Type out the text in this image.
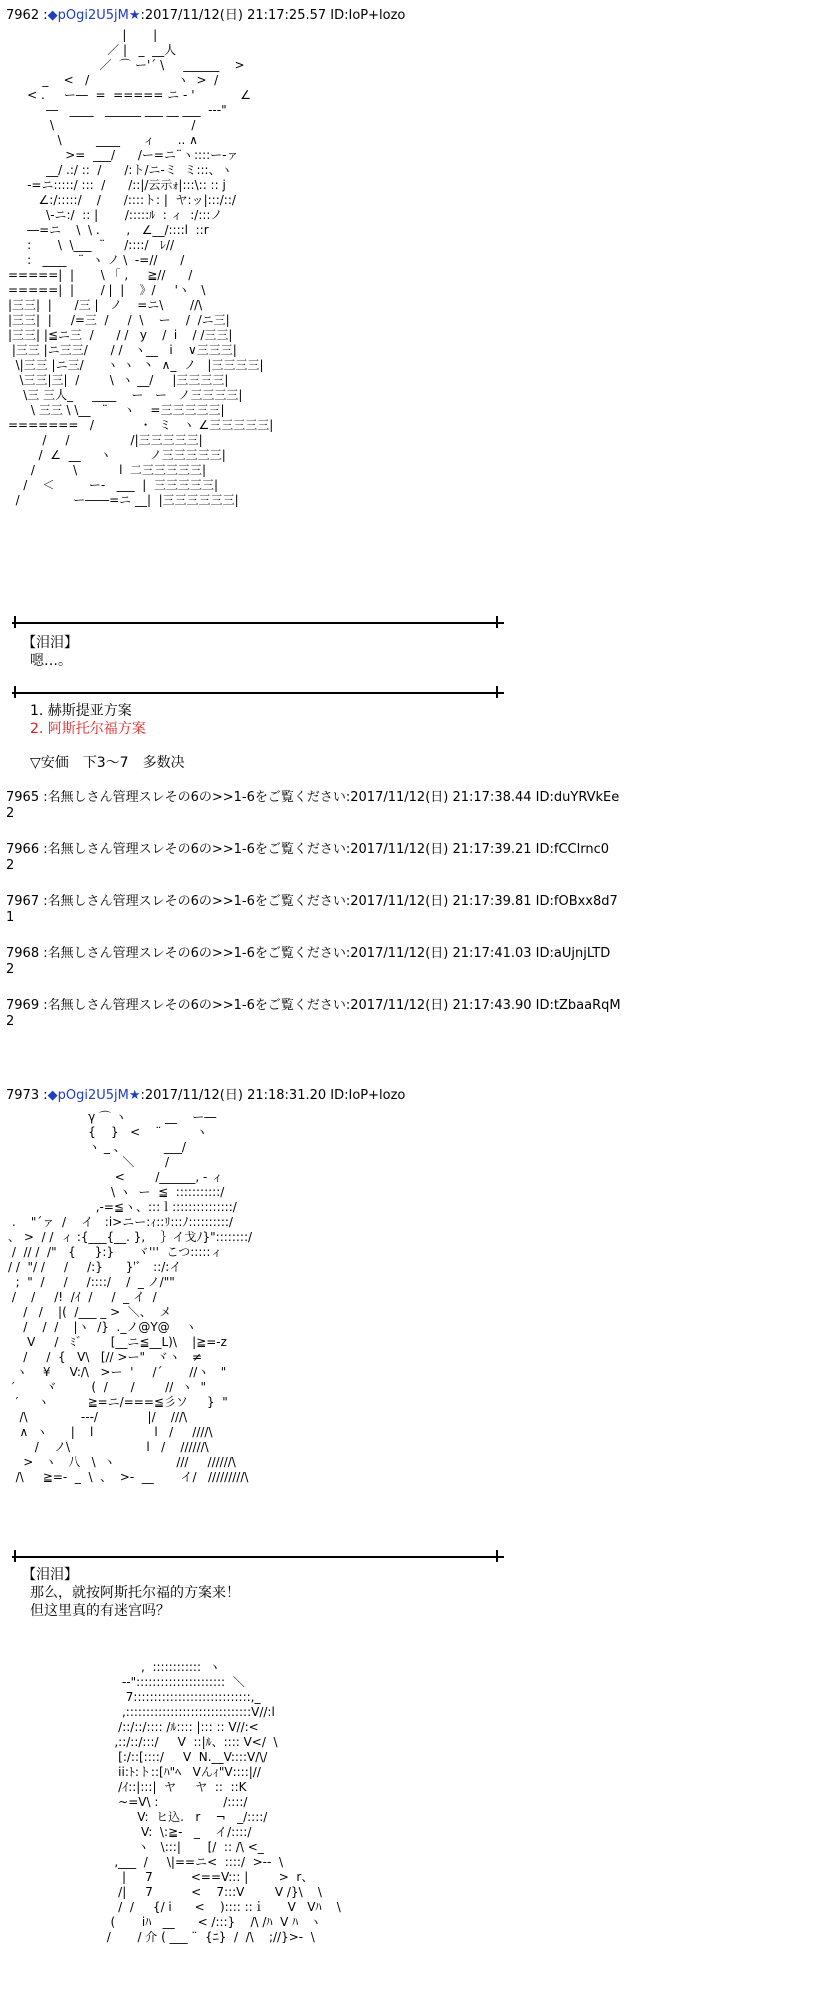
7962 :◆pOgi2U5jM★:2017/11/12(日) 21:17:25.57 ID:IoP+lozo
|       |
／ |   _  __人
／  ⌒ ー'´ \     ______    >
_    <   /                       ヽ  >  /
< .     ー―  =  ===== ニ - '            ∠
―   ____   ______ ___ __ ___  ---"
\                                    /
\         ____      ィ      .. ∧
>=  ___/      /ー=ニ¨ヽ::::ー-ァ
__/ .:/ ::  /      /:ト/ニ‐ミ  ミ:::、ヽ
-=ニ:::::/ :::  /      /::|/云示ｫ|:::\:: :: j
∠:/:::::/    /      /::::ト: |  ヤ:ッ|:::/::/
\-ニ:/  :: |       /:::::ﾙ  : ィ  :/:::ノ
―=ニ    \  \ .       ,   ∠__/::::l  ::r
:       \  \___  ¨     /::::/   ﾚ//
:   ____   ¨  ヽ ノ \  -=//      /
=====|  |       \ 「 ,     ≧//      /
=====|  |       / |  |    》/     'ヽ   \
|三三|  |      /三 |   ノ    =ニ\       //\
|三三|  |     /=三  /     /  \    ー    /  /ニ三|
|三三| |≦ニ三  /      / /   y    /  i    / /三三|
|三三 |ニ三三/      / /   ヽ__   i    ∨三三三|
\|三三 |ニ三/      ヽ ヽ  丶  ∧_  ノ   |三三三三|
\三三|三|  /        \  ヽ __/     |三三三三|
\三 三人_     ____    ー   ー   ノ三三三三|
\ 三三 \ \__   ¨    ヽ    =三三三三三|
=======   /            ・  ミ   ヽ ∠三三三三三|
/     /                /|三三三三三|
/  ∠  __     ヽ          ノ三三三三三|
/          \           l  二三三三三三|
/    ＜         ー-   ___  |  三三三三三|
/              ー――=ニ __|  |三三三三三三|
【泪泪】
嗯…。
1. 赫斯提亚方案
2. 阿斯托尔福方案
▽安価　下3～7　多数决
7965 :名無しさん管理スレその6の>>1-6をご覧ください:2017/11/12(日) 21:17:38.44 ID:duYRVkEe
2
7966 :名無しさん管理スレその6の>>1-6をご覧ください:2017/11/12(日) 21:17:39.21 ID:fCClrnc0
2
7967 :名無しさん管理スレその6の>>1-6をご覧ください:2017/11/12(日) 21:17:39.81 ID:fOBxx8d7
1
7968 :名無しさん管理スレその6の>>1-6をご覧ください:2017/11/12(日) 21:17:41.03 ID:aUjnjLTD
2
7969 :名無しさん管理スレその6の>>1-6をご覧ください:2017/11/12(日) 21:17:43.90 ID:tZbaaRqM
2
7973 :◆pOgi2U5jM★:2017/11/12(日) 21:18:31.20 ID:IoP+lozo
γ ⌒ ヽ          __    ー―
{    }   <    ¨         ヽ
ヽ _ 、          ___/
＼        /
<        /______, - ィ
\ ヽ  ー  ≦  :::::::::::/
,-=≦ヽ、:::ｌ:::::::::::::::/
.    "´ァ  /    イ   :i>ニー:ｨ::ﾘ:::ﾉ::::::::::/
、 >  / /  ィ :{___{__. },    ｝イ戈ﾉ}"::::::::/
/  // /  /"   {     }:}      ヾ'''  こつ:::::ィ
/ /  "/ /     /     /:}      }'ﾞ   ::/:イ
;  "  /     /     /::::/    /  _ ノ/""
/    /     /!  /ｲ  /     /  _ イ  /
/   /    |(  /___ _ >  ＼、  メ
/    /  /    |ヽ  /}  ._ノ@Y@    ヽ
V     /   ﾐ゛      [__ニ≦__L)\    |≧=-z
/     /  {   V\   [// >ー"   ヾヽ   ≠
ヽ    ¥     V:/\   >ー  '     /´       //ヽ   "
′        ヾ         (  /      /        //  ヽ  "
′     ヽ          ≧=ニ/===≦彡ソ     }  "
/\              ---/             |/    ///\
∧  ヽ      |    l                l   /     ////\
/    ノ\                    l   /    //////\
>   ヽ   八   \  ヽ                ///     //////\
/\     ≧=-  _  \  、  >-  __       イ/   /////////\
【泪泪】
那么，就按阿斯托尔福的方案来！
但这里真的有迷宫吗？
,  ::::::::::::  ヽ
--"::::::::::::::::::::::  ＼
7:::::::::::::::::::::::::::::,_
,:::::::::::::::::::::::::::::::V//:l
/::/::/:::: /ﾙ:::: |::: :: V//:<
,::/::/:::/     V  ::|ﾙ、:::: V</  \
[:/::[::::/     V  N.__V::::V/\/
ii:ﾄ:ト::[ﾊ"ﾍ   Vんｨ"Ⅴ::::|//
/ｲ::|:::|  ヤ     ヤ  ::  ::K
~=V\ :                 /::::/
V:  ヒ込.   r    ¬   _/::::/
V:  \:≧-   _    イ/::::/
ヽ   \:::|       [/  :: /\ <_
,___  /     \|==ニ<  ::::/  >--  \
|     7          <==V::: |        >  r、
/|     7          <    7:::V        V /}\    \
/  /     {/ i      <    ):::: ::ｉ      V   Vﾊ    \
(       iﾊ   __      < /:::}    /\ /ﾊ  V ﾊ   ヽ
/       / 介 ( ___ ¨  {ﾆ}  /  /\    ;//}>-  \
